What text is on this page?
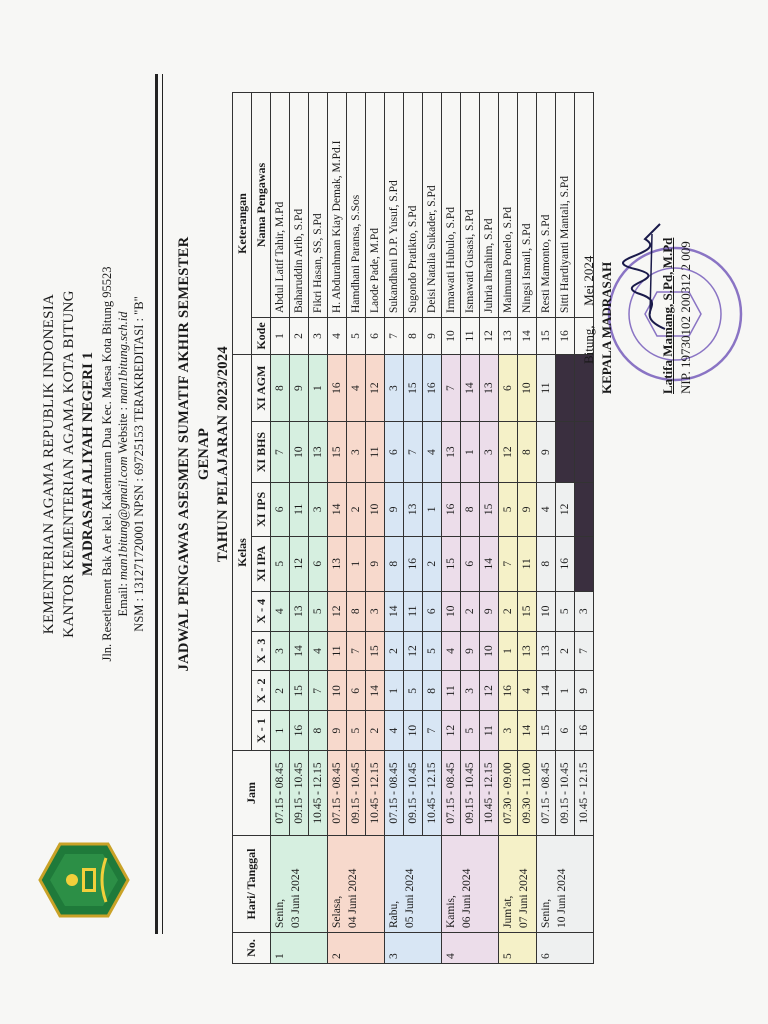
KEMENTERIAN AGAMA REPUBLIK INDONESIA KANTOR KEMENTERIAN AGAMA KOTA BITUNG MADRASAH ALIYAH NEGERI 1 Jln. Resetlement Bak Aer kel. Kakenturan Dua Kec. Maesa Kota Bitung 95523 Email: man1bitung@gmail.com Website : man1bitung.sch.id NSM : 131271720001 NPSN : 69725153 TERAKREDITASI : "B" JADWAL PENGAWAS ASESMEN SUMATIF AKHIR SEMESTER GENAP TAHUN PELAJARAN 2023/2024
No.	Hari/ Tanggal	Jam	Kelas								Keterangan	
			X - 1	X - 2	X - 3	X - 4	XI IPA	XI IPS	XI BHS	XI AGM	Kode	Nama Pengawas
1	Senin, 03 Juni 2024	07.15 - 08.45	1	2	3	4	5	6	7	8	1	Abdul Latif Tahir, M.Pd
		09.15 - 10.45	16	15	14	13	12	11	10	9	2	Baharuddin Arib, S.Pd
		10.45 - 12.15	8	7	4	5	6	3	13	1	3	Fikri Hasan, SS, S.Pd
2	Selasa, 04 Juni 2024	07.15 - 08.45	9	10	11	12	13	14	15	16	4	H. Abdurahman Kiay Demak, M.Pd.I
		09.15 - 10.45	5	6	7	8	1	2	3	4	5	Hamdhani Paransa, S.Sos
		10.45 - 12.15	2	14	15	3	9	10	11	12	6	Laode Pade, M.Pd
3	Rabu, 05 Juni 2024	07.15 - 08.45	4	1	2	14	8	9	6	3	7	Sukandhani D.P. Yusuf, S.Pd
		09.15 - 10.45	10	5	12	11	16	13	7	15	8	Sugondo Pratikto, S.Pd
		10.45 - 12.15	7	8	5	6	2	1	4	16	9	Deisi Natalia Sukader, S.Pd
4	Kamis, 06 Juni 2024	07.15 - 08.45	12	11	4	10	15	16	13	7	10	Irmawati Hubulo, S.Pd
		09.15 - 10.45	5	3	9	2	6	8	1	14	11	Ismawati Gusasi, S.Pd
		10.45 - 12.15	11	12	10	9	14	15	3	13	12	Juhria Ibrahim, S.Pd
5	Jum'at, 07 Juni 2024	07.30 - 09.00	3	16	1	2	7	5	12	6	13	Maimuna Ponelo, S.Pd
		09.30 - 11.00	14	4	13	15	11	9	8	10	14	Ningsi Ismail, S.Pd
6	Senin, 10 Juni 2024	07.15 - 08.45	15	14	13	10	8	4	9	11	15	Resti Mamonto, S.Pd
		09.15 - 10.45	6	1	2	5	16	12			16	Sitti Hardiyanti Mantali, S.Pd
		10.45 - 12.15	16	9	7	3						
Bitung,      Mei 2024 KEPALA MADRASAH	Latifa Mamang, S.Pd, M.Pd NIP. 19730102 200312 2 009
